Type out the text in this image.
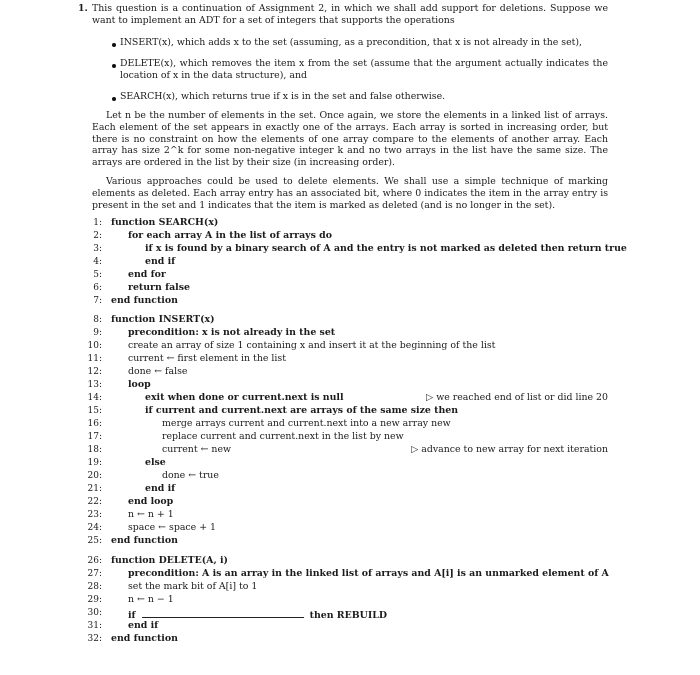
1. This question is a continuation of Assignment 2, in which we shall add support for deletions. Suppose we want to implement an ADT for a set of integers that supports the operations
INSERT(x), which adds x to the set (assuming, as a precondition, that x is not already in the set),
DELETE(x), which removes the item x from the set (assume that the argument actually indicates the location of x in the data structure), and
SEARCH(x), which returns true if x is in the set and false otherwise.
Let n be the number of elements in the set. Once again, we store the elements in a linked list of arrays. Each element of the set appears in exactly one of the arrays. Each array is sorted in increasing order, but there is no constraint on how the elements of one array compare to the elements of another array. Each array has size 2^k for some non-negative integer k and no two arrays in the list have the same size. The arrays are ordered in the list by their size (in increasing order).
Various approaches could be used to delete elements. We shall use a simple technique of marking elements as deleted. Each array entry has an associated bit, where 0 indicates the item in the array entry is present in the set and 1 indicates that the item is marked as deleted (and is no longer in the set).
1: function SEARCH(x)
2:	for each array A in the list of arrays do
3:	if x is found by a binary search of A and the entry is not marked as deleted then return true
4:	end if
5:	end for
6:	return false
7: end function
8: function INSERT(x)
9:	precondition: x is not already in the set
10:	create an array of size 1 containing x and insert it at the beginning of the list
11:	current ← first element in the list
12:	done ← false
13:	loop
14:	exit when done or current.next is null	▷ we reached end of list or did line 20
15:	if current and current.next are arrays of the same size then
16:	merge arrays current and current.next into a new array new
17:	replace current and current.next in the list by new
18:	current ← new	▷ advance to new array for next iteration
19:	else
20:	done ← true
21:	end if
22:	end loop
23:	n ← n + 1
24:	space ← space + 1
25: end function
26: function DELETE(A, i)
27:	precondition: A is an array in the linked list of arrays and A[i] is an unmarked element of A
28:	set the mark bit of A[i] to 1
29:	n ← n − 1
30:	if	then REBUILD
31:	end if
32: end function
